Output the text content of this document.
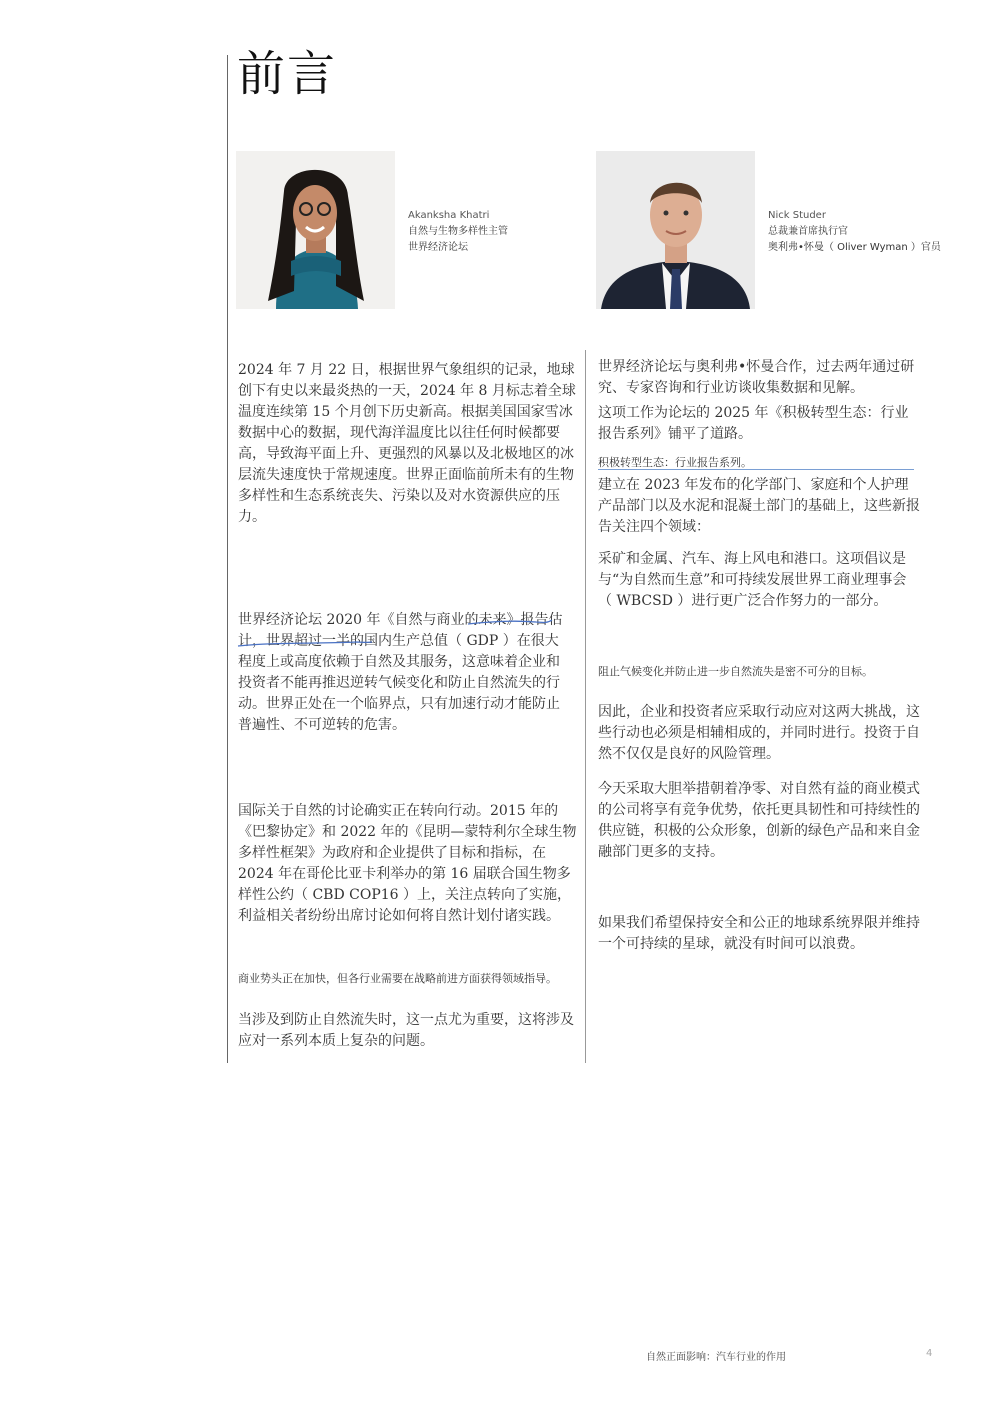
前言
Akanksha Khatri
自然与生物多样性主管
世界经济论坛
Nick Studer
总裁兼首席执行官
奥利弗•怀曼（ Oliver Wyman ）官员

2024 年 7 月 22 日，根据世界气象组织的记录，地球创下有史以来最炎热的一天，2024 年 8 月标志着全球温度连续第 15 个月创下历史新高。根据美国国家雪冰数据中心的数据，现代海洋温度比以往任何时候都要高，导致海平面上升、更强烈的风暴以及北极地区的冰层流失速度快于常规速度。世界正面临前所未有的生物多样性和生态系统丧失、污染以及对水资源供应的压力。

世界经济论坛 2020 年《自然与商业的未来》报告估计，世界超过一半的国内生产总值（ GDP ）在很大程度上或高度依赖于自然及其服务，这意味着企业和投资者不能再推迟逆转气候变化和防止自然流失的行动。世界正处在一个临界点，只有加速行动才能防止普遍性、不可逆转的危害。

国际关于自然的讨论确实正在转向行动。2015 年的《巴黎协定》和 2022 年的《昆明—蒙特利尔全球生物多样性框架》为政府和企业提供了目标和指标，在 2024 年在哥伦比亚卡利举办的第 16 届联合国生物多样性公约（ CBD COP16 ）上，关注点转向了实施，利益相关者纷纷出席讨论如何将自然计划付诸实践。

商业势头正在加快，但各行业需要在战略前进方面获得领域指导。

当涉及到防止自然流失时，这一点尤为重要，这将涉及应对一系列本质上复杂的问题。

世界经济论坛与奥利弗•怀曼合作，过去两年通过研究、专家咨询和行业访谈收集数据和见解。

这项工作为论坛的 2025 年《积极转型生态：行业报告系列》铺平了道路。

积极转型生态：行业报告系列。

建立在 2023 年发布的化学部门、家庭和个人护理产品部门以及水泥和混凝土部门的基础上，这些新报告关注四个领域：

采矿和金属、汽车、海上风电和港口。这项倡议是与“为自然而生意”和可持续发展世界工商业理事会（ WBCSD ）进行更广泛合作努力的一部分。

阻止气候变化并防止进一步自然流失是密不可分的目标。

因此，企业和投资者应采取行动应对这两大挑战，这些行动也必须是相辅相成的，并同时进行。投资于自然不仅仅是良好的风险管理。

今天采取大胆举措朝着净零、对自然有益的商业模式的公司将享有竞争优势，依托更具韧性和可持续性的供应链，积极的公众形象，创新的绿色产品和来自金融部门更多的支持。

如果我们希望保持安全和公正的地球系统界限并维持一个可持续的星球，就没有时间可以浪费。

自然正面影响：汽车行业的作用	4
